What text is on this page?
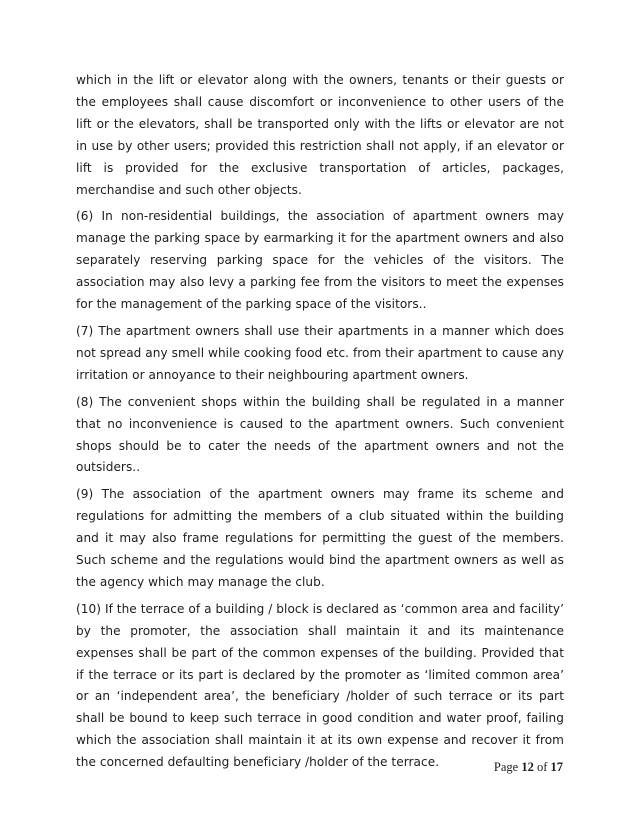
which in the lift or elevator along with the owners, tenants or their guests or the employees shall cause discomfort or inconvenience to other users of the lift or the elevators, shall be transported only with the lifts or elevator are not in use by other users; provided this restriction shall not apply, if an elevator or lift is provided for the exclusive transportation of articles, packages, merchandise and such other objects.

(6) In non-residential buildings, the association of apartment owners may manage the parking space by earmarking it for the apartment owners and also separately reserving parking space for the vehicles of the visitors. The association may also levy a parking fee from the visitors to meet the expenses for the management of the parking space of the visitors..

(7) The apartment owners shall use their apartments in a manner which does not spread any smell while cooking food etc. from their apartment to cause any irritation or annoyance to their neighbouring apartment owners.

(8) The convenient shops within the building shall be regulated in a manner that no inconvenience is caused to the apartment owners. Such convenient shops should be to cater the needs of the apartment owners and not the outsiders..

(9) The association of the apartment owners may frame its scheme and regulations for admitting the members of a club situated within the building and it may also frame regulations for permitting the guest of the members. Such scheme and the regulations would bind the apartment owners as well as the agency which may manage the club.

(10) If the terrace of a building / block is declared as ‘common area and facility’ by the promoter, the association shall maintain it and its maintenance expenses shall be part of the common expenses of the building. Provided that if the terrace or its part is declared by the promoter as ‘limited common area’ or an ‘independent area’, the beneficiary /holder of such terrace or its part shall be bound to keep such terrace in good condition and water proof, failing which the association shall maintain it at its own expense and recover it from the concerned defaulting beneficiary /holder of the terrace.	Page 12 of 17
